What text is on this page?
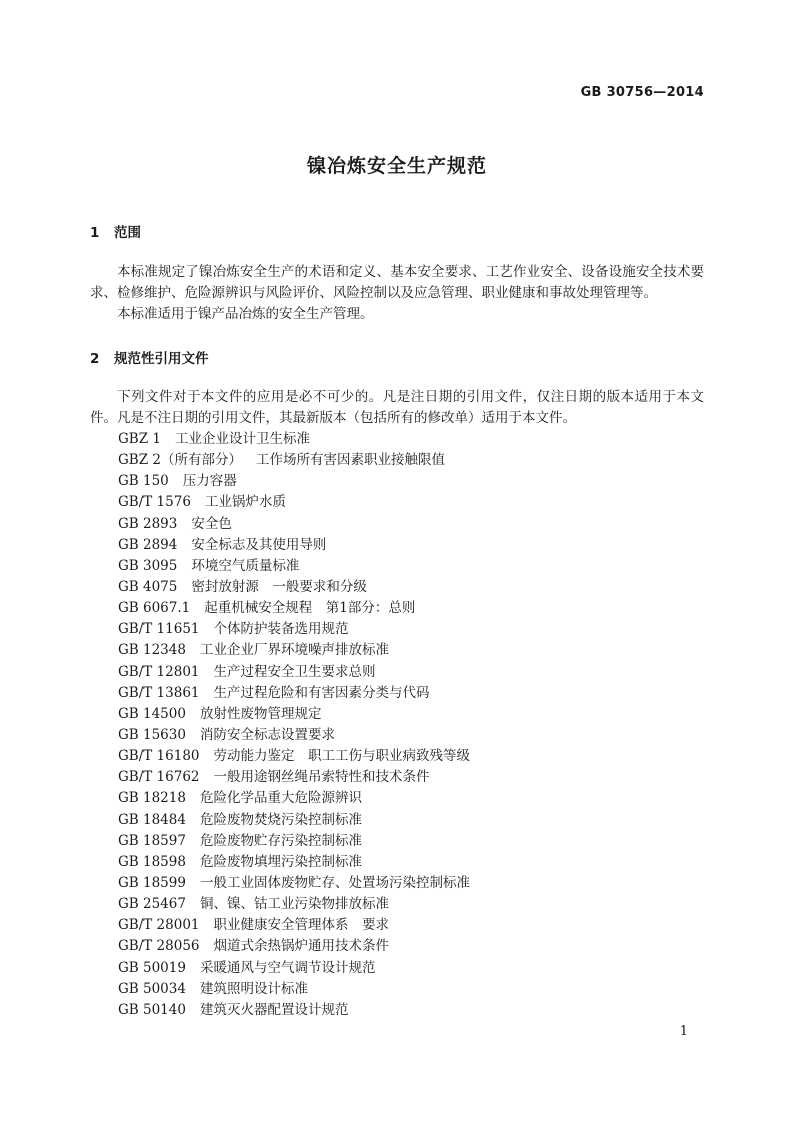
GB 30756—2014
镍冶炼安全生产规范
1 范围

本标准规定了镍冶炼安全生产的术语和定义、基本安全要求、工艺作业安全、设备设施安全技术要求、检修维护、危险源辨识与风险评价、风险控制以及应急管理、职业健康和事故处理管理等。

本标准适用于镍产品冶炼的安全生产管理。

2 规范性引用文件

下列文件对于本文件的应用是必不可少的。凡是注日期的引用文件，仅注日期的版本适用于本文件。凡是不注日期的引用文件，其最新版本（包括所有的修改单）适用于本文件。

GBZ 1 工业企业设计卫生标准
GBZ 2（所有部分） 工作场所有害因素职业接触限值
GB 150 压力容器
GB/T 1576 工业锅炉水质
GB 2893 安全色
GB 2894 安全标志及其使用导则
GB 3095 环境空气质量标准
GB 4075 密封放射源　一般要求和分级
GB 6067.1 起重机械安全规程　第1部分：总则
GB/T 11651 个体防护装备选用规范
GB 12348 工业企业厂界环境噪声排放标准
GB/T 12801 生产过程安全卫生要求总则
GB/T 13861 生产过程危险和有害因素分类与代码
GB 14500 放射性废物管理规定
GB 15630 消防安全标志设置要求
GB/T 16180 劳动能力鉴定　职工工伤与职业病致残等级
GB/T 16762 一般用途钢丝绳吊索特性和技术条件
GB 18218 危险化学品重大危险源辨识
GB 18484 危险废物焚烧污染控制标准
GB 18597 危险废物贮存污染控制标准
GB 18598 危险废物填埋污染控制标准
GB 18599 一般工业固体废物贮存、处置场污染控制标准
GB 25467 铜、镍、钴工业污染物排放标准
GB/T 28001 职业健康安全管理体系　要求
GB/T 28056 烟道式余热锅炉通用技术条件
GB 50019 采暖通风与空气调节设计规范
GB 50034 建筑照明设计标准
GB 50140 建筑灭火器配置设计规范
1
